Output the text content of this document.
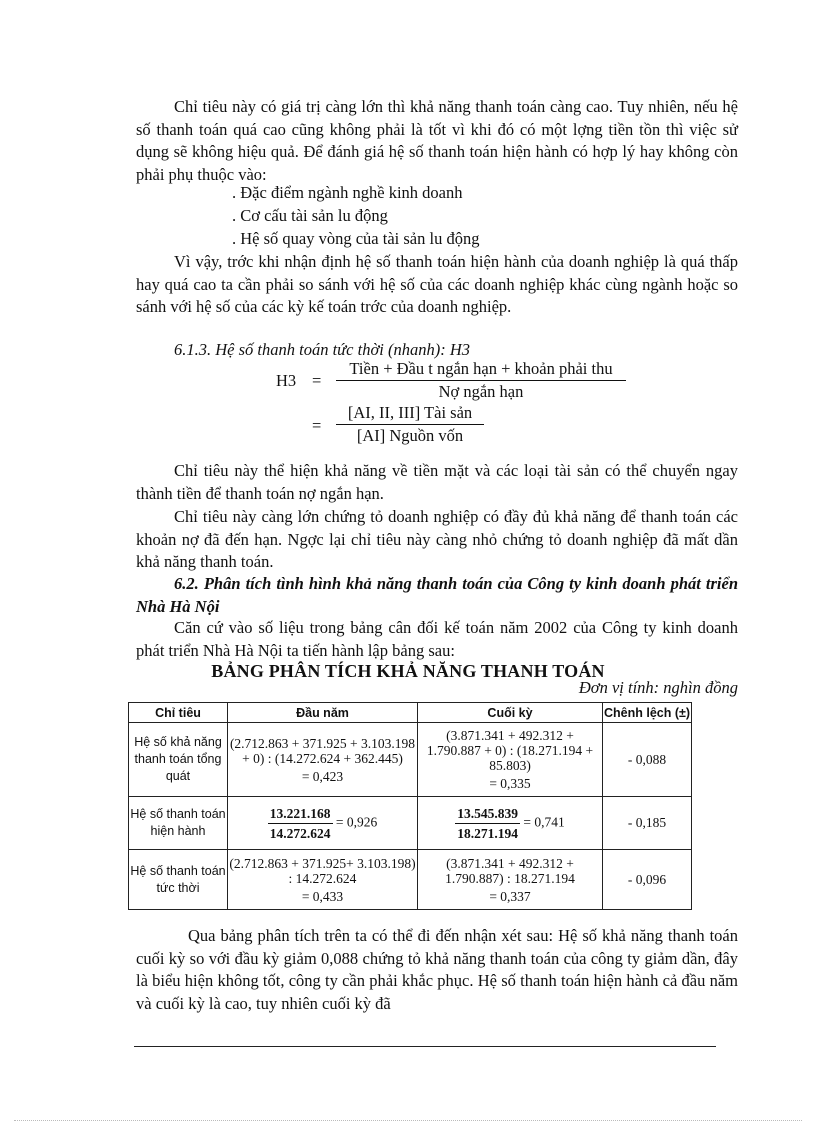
Chỉ tiêu này có giá trị càng lớn thì khả năng thanh toán càng cao. Tuy nhiên, nếu hệ số thanh toán quá cao cũng không phải là tốt vì khi đó có một lợng tiền tồn thì việc sử dụng sẽ không hiệu quả. Để đánh giá hệ số thanh toán hiện hành có hợp lý hay không còn phải phụ thuộc vào:

. Đặc điểm ngành nghề kinh doanh

. Cơ cấu tài sản lu động

. Hệ số quay vòng của tài sản lu động

Vì vậy, trớc khi nhận định hệ số thanh toán hiện hành của doanh nghiệp là quá thấp hay quá cao ta cần phải so sánh với hệ số của các doanh nghiệp khác cùng ngành hoặc so sánh với hệ số của các kỳ kế toán trớc của doanh nghiệp.

6.1.3. Hệ số thanh toán tức thời (nhanh): H3

H3 =
Tiền + Đầu t ngắn hạn + khoản phải thu
Nợ ngắn hạn
=
[AI, II, III] Tài sản
[AI] Nguồn vốn

Chỉ tiêu này thể hiện khả năng về tiền mặt và các loại tài sản có thể chuyển ngay thành tiền để thanh toán nợ ngắn hạn.

Chỉ tiêu này càng lớn chứng tỏ doanh nghiệp có đầy đủ khả năng để thanh toán các khoản nợ đã đến hạn. Ngợc lại chỉ tiêu này càng nhỏ chứng tỏ doanh nghiệp đã mất dần khả năng thanh toán.

6.2. Phân tích tình hình khả năng thanh toán của Công ty kinh doanh phát triển Nhà Hà Nội

Căn cứ vào số liệu trong bảng cân đối kế toán năm 2002 của Công ty kinh doanh phát triển Nhà Hà Nội ta tiến hành lập bảng sau:

BẢNG PHÂN TÍCH KHẢ NĂNG THANH TOÁN
Đơn vị tính: nghìn đồng
Chỉ tiêu	Đầu năm	Cuối kỳ	Chênh lệch (±)
Hệ số khả năng thanh toán tổng quát	(2.712.863 + 371.925 + 3.103.198 + 0) : (14.272.624 + 362.445)
= 0,423	(3.871.341 + 492.312 + 1.790.887 + 0) : (18.271.194 + 85.803)
= 0,335	- 0,088
Hệ số thanh toán hiện hành	$\frac{13.221.168}{14.272.624} = 0,926$	$\frac{13.545.839}{18.271.194} = 0,741$	- 0,185
Hệ số thanh toán tức thời	(2.712.863 + 371.925+ 3.103.198) : 14.272.624
= 0,433	(3.871.341 + 492.312 + 1.790.887) : 18.271.194
= 0,337	- 0,096

Qua bảng phân tích trên ta có thể đi đến nhận xét sau: Hệ số khả năng thanh toán cuối kỳ so với đầu kỳ giảm 0,088 chứng tỏ khả năng thanh toán của công ty giảm dần, đây là biểu hiện không tốt, công ty cần phải khắc phục. Hệ số thanh toán hiện hành cả đầu năm và cuối kỳ là cao, tuy nhiên cuối kỳ đã
